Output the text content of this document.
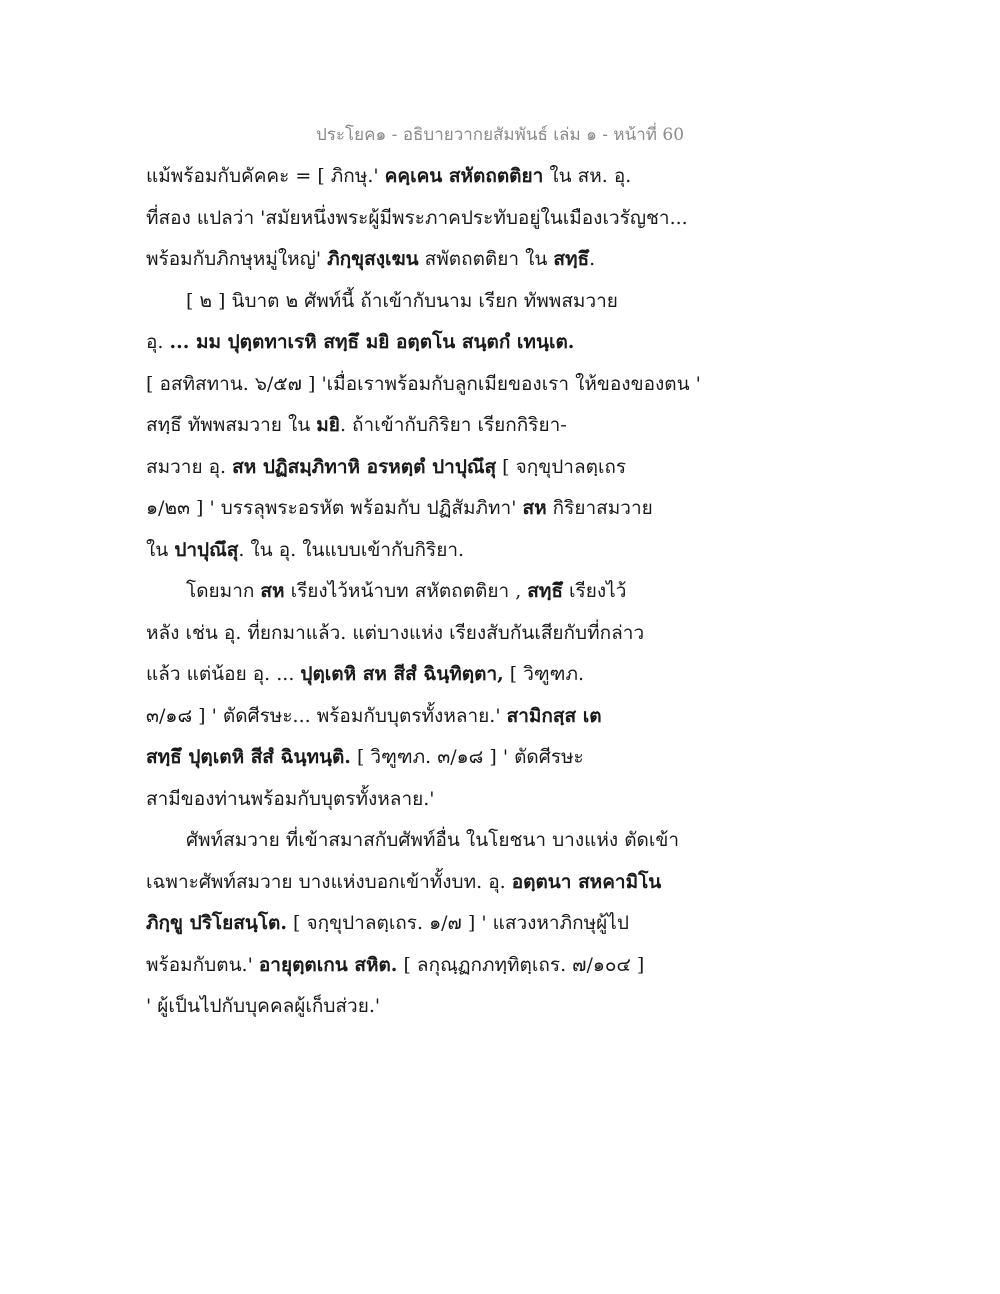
ประโยค๑ - อธิบายวากยสัมพันธ์ เล่ม ๑ - หน้าที่ 60
แม้พร้อมกับคัคคะ = [ ภิกษุ.' คคฺเคน สหัตถตติยา ใน สห. อุ.
ที่สอง แปลว่า 'สมัยหนึ่งพระผู้มีพระภาคประทับอยู่ในเมืองเวรัญชา...
พร้อมกับภิกษุหมู่ใหญ่' ภิกฺขุสงฺเฆน สพัตถตติยา ใน สทฺธึ.
[ ๒ ] นิบาต ๒ ศัพท์นี้ ถ้าเข้ากับนาม เรียก ทัพพสมวาย
อุ. ... มม ปุตฺตทาเรหิ สทฺธึ มยิ อตฺตโน สนฺตกํ เทนฺเต.
[ อสทิสทาน. ๖/๕๗ ] 'เมื่อเราพร้อมกับลูกเมียของเรา ให้ของของตน '
สทฺธึ ทัพพสมวาย ใน มยิ. ถ้าเข้ากับกิริยา เรียกกิริยา-
สมวาย อุ. สห ปฏิสมฺภิทาหิ อรหตฺตํ ปาปุณึสุ [ จกฺขุปาลตฺเถร
๑/๒๓ ] ' บรรลุพระอรหัต พร้อมกับ ปฏิสัมภิทา' สห กิริยาสมวาย
ใน ปาปุณึสุ. ใน อุ. ในแบบเข้ากับกิริยา.
โดยมาก สห เรียงไว้หน้าบท สหัตถตติยา , สทฺธึ เรียงไว้
หลัง เช่น อุ. ที่ยกมาแล้ว. แต่บางแห่ง เรียงสับกันเสียกับที่กล่าว
แล้ว แต่น้อย อุ. ... ปุตฺเตหิ สห สีสํ ฉินฺทิตฺตา, [ วิฑูฑภ.
๓/๑๘ ] ' ตัดศีรษะ... พร้อมกับบุตรทั้งหลาย.' สามิกสฺส เต
สทฺธึ ปุตฺเตหิ สีสํ ฉินฺทนฺติ. [ วิฑูฑภ. ๓/๑๘ ] ' ตัดศีรษะ
สามีของท่านพร้อมกับบุตรทั้งหลาย.'
ศัพท์สมวาย ที่เข้าสมาสกับศัพท์อื่น ในโยชนา บางแห่ง ตัดเข้า
เฉพาะศัพท์สมวาย บางแห่งบอกเข้าทั้งบท. อุ. อตฺตนา สหคามิโน
ภิกฺขู ปริโยสนฺโต. [ จกฺขุปาลตฺเถร. ๑/๗ ] ' แสวงหาภิกษุผู้ไป
พร้อมกับตน.' อายุตฺตเกน สหิต. [ ลกุณฺฏกภทฺทิตฺเถร. ๗/๑๐๔ ]
' ผู้เป็นไปกับบุคคลผู้เก็บส่วย.'
